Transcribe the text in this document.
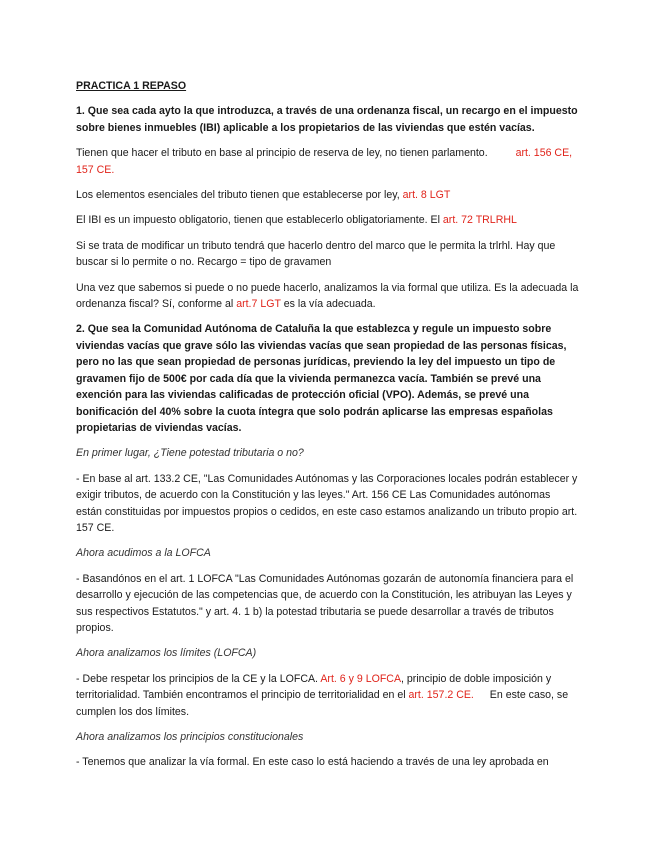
PRACTICA 1 REPASO

1. Que sea cada ayto la que introduzca, a través de una ordenanza fiscal, un recargo en el impuesto sobre bienes inmuebles (IBI) aplicable a los propietarios de las viviendas que estén vacías.

Tienen que hacer el tributo en base al principio de reserva de ley, no tienen parlamento.	art. 156 CE, 157 CE.

Los elementos esenciales del tributo tienen que establecerse por ley, art. 8 LGT

El IBI es un impuesto obligatorio, tienen que establecerlo obligatoriamente. El art. 72 TRLRHL

Si se trata de modificar un tributo tendrá que hacerlo dentro del marco que le permita la trlrhl. Hay que buscar si lo permite o no. Recargo = tipo de gravamen

Una vez que sabemos si puede o no puede hacerlo, analizamos la via formal que utiliza. Es la adecuada la ordenanza fiscal? Sí, conforme al art.7 LGT es la vía adecuada.

2. Que sea la Comunidad Autónoma de Cataluña la que establezca y regule un impuesto sobre viviendas vacías que grave sólo las viviendas vacías que sean propiedad de las personas físicas, pero no las que sean propiedad de personas jurídicas, previendo la ley del impuesto un tipo de gravamen fijo de 500€ por cada día que la vivienda permanezca vacía. También se prevé una exención para las viviendas calificadas de protección oficial (VPO). Además, se prevé una bonificación del 40% sobre la cuota íntegra que solo podrán aplicarse las empresas españolas propietarias de viviendas vacías.

En primer lugar, ¿Tiene potestad tributaria o no?

- En base al art. 133.2 CE, "Las Comunidades Autónomas y las Corporaciones locales podrán establecer y exigir tributos, de acuerdo con la Constitución y las leyes." Art. 156 CE Las Comunidades autónomas están constituidas por impuestos propios o cedidos, en este caso estamos analizando un tributo propio art. 157 CE.

Ahora acudimos a la LOFCA

- Basandónos en el art. 1 LOFCA "Las Comunidades Autónomas gozarán de autonomía financiera para el desarrollo y ejecución de las competencias que, de acuerdo con la Constitución, les atribuyan las Leyes y sus respectivos Estatutos." y art. 4. 1 b) la potestad tributaria se puede desarrollar a través de tributos propios.

Ahora analizamos los límites (LOFCA)

- Debe respetar los principios de la CE y la LOFCA. Art. 6 y 9 LOFCA, principio de doble imposición y territorialidad. También encontramos el principio de territorialidad en el art. 157.2 CE. En este caso, se cumplen los dos límites.

Ahora analizamos los principios constitucionales

- Tenemos que analizar la vía formal. En este caso lo está haciendo a través de una ley aprobada en
